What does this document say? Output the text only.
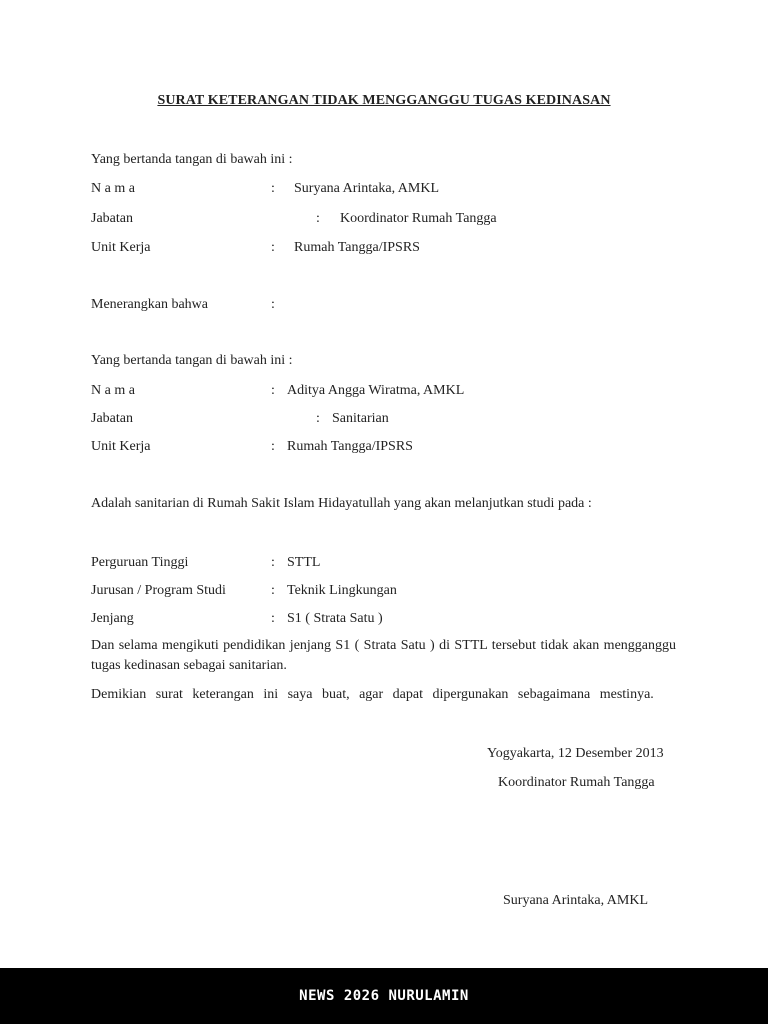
SURAT KETERANGAN TIDAK MENGGANGGU TUGAS KEDINASAN
Yang bertanda tangan di bawah ini :
N a m a	: Suryana Arintaka, AMKL
Jabatan	: Koordinator Rumah Tangga
Unit Kerja	: Rumah Tangga/IPSRS
Menerangkan bahwa	:
Yang bertanda tangan di bawah ini :
N a m a	: Aditya Angga Wiratma, AMKL
Jabatan	: Sanitarian
Unit Kerja	: Rumah Tangga/IPSRS
Adalah sanitarian di Rumah Sakit Islam Hidayatullah yang akan melanjutkan studi pada :
Perguruan Tinggi	: STTL
Jurusan / Program Studi	: Teknik Lingkungan
Jenjang	: S1 ( Strata Satu )
Dan selama mengikuti pendidikan jenjang S1 ( Strata Satu ) di STTL tersebut tidak akan mengganggu tugas kedinasan sebagai sanitarian.
Demikian surat keterangan ini saya buat, agar dapat dipergunakan sebagaimana mestinya.
Yogyakarta, 12 Desember 2013
Koordinator Rumah Tangga
Suryana Arintaka, AMKL
NEWS 2026 NURULAMIN
